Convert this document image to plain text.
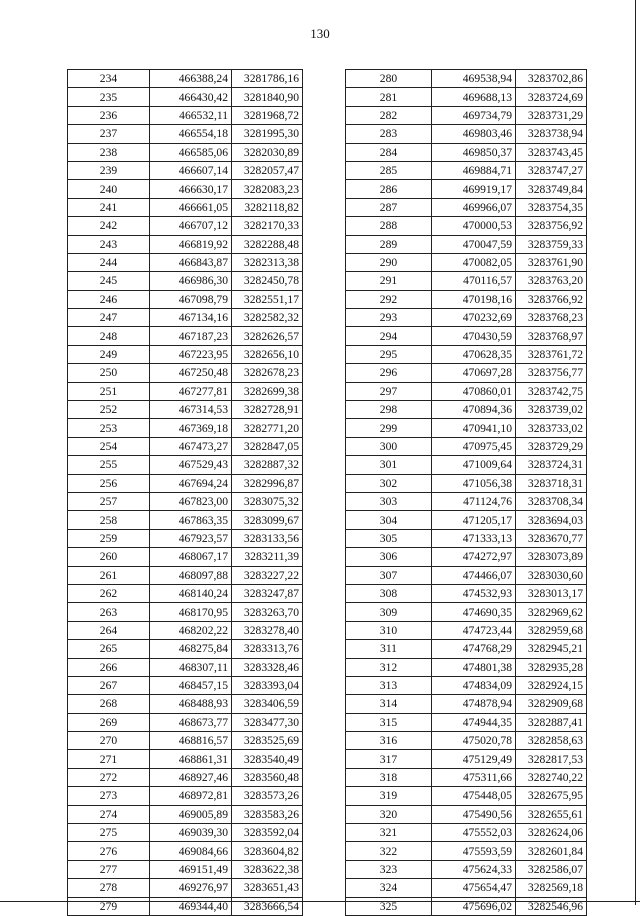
130
234	466388,24	3281786,16
235	466430,42	3281840,90
236	466532,11	3281968,72
237	466554,18	3281995,30
238	466585,06	3282030,89
239	466607,14	3282057,47
240	466630,17	3282083,23
241	466661,05	3282118,82
242	466707,12	3282170,33
243	466819,92	3282288,48
244	466843,87	3282313,38
245	466986,30	3282450,78
246	467098,79	3282551,17
247	467134,16	3282582,32
248	467187,23	3282626,57
249	467223,95	3282656,10
250	467250,48	3282678,23
251	467277,81	3282699,38
252	467314,53	3282728,91
253	467369,18	3282771,20
254	467473,27	3282847,05
255	467529,43	3282887,32
256	467694,24	3282996,87
257	467823,00	3283075,32
258	467863,35	3283099,67
259	467923,57	3283133,56
260	468067,17	3283211,39
261	468097,88	3283227,22
262	468140,24	3283247,87
263	468170,95	3283263,70
264	468202,22	3283278,40
265	468275,84	3283313,76
266	468307,11	3283328,46
267	468457,15	3283393,04
268	468488,93	3283406,59
269	468673,77	3283477,30
270	468816,57	3283525,69
271	468861,31	3283540,49
272	468927,46	3283560,48
273	468972,81	3283573,26
274	469005,89	3283583,26
275	469039,30	3283592,04
276	469084,66	3283604,82
277	469151,49	3283622,38
278	469276,97	3283651,43
279	469344,40	3283666,54
280	469538,94	3283702,86
281	469688,13	3283724,69
282	469734,79	3283731,29
283	469803,46	3283738,94
284	469850,37	3283743,45
285	469884,71	3283747,27
286	469919,17	3283749,84
287	469966,07	3283754,35
288	470000,53	3283756,92
289	470047,59	3283759,33
290	470082,05	3283761,90
291	470116,57	3283763,20
292	470198,16	3283766,92
293	470232,69	3283768,23
294	470430,59	3283768,97
295	470628,35	3283761,72
296	470697,28	3283756,77
297	470860,01	3283742,75
298	470894,36	3283739,02
299	470941,10	3283733,02
300	470975,45	3283729,29
301	471009,64	3283724,31
302	471056,38	3283718,31
303	471124,76	3283708,34
304	471205,17	3283694,03
305	471333,13	3283670,77
306	474272,97	3283073,89
307	474466,07	3283030,60
308	474532,93	3283013,17
309	474690,35	3282969,62
310	474723,44	3282959,68
311	474768,29	3282945,21
312	474801,38	3282935,28
313	474834,09	3282924,15
314	474878,94	3282909,68
315	474944,35	3282887,41
316	475020,78	3282858,63
317	475129,49	3282817,53
318	475311,66	3282740,22
319	475448,05	3282675,95
320	475490,56	3282655,61
321	475552,03	3282624,06
322	475593,59	3282601,84
323	475624,33	3282586,07
324	475654,47	3282569,18
325	475696,02	3282546,96
